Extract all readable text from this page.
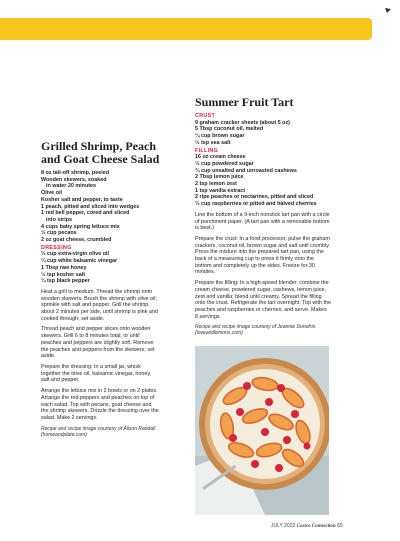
Grilled Shrimp, Peach and Goat Cheese Salad

8 oz tail-off shrimp, peeled

Wooden skewers, soaked

in water 20 minutes

Olive oil

Kosher salt and pepper, to taste

1 peach, pitted and sliced into wedges

1 red bell pepper, cored and sliced

into strips

4 cups baby spring lettuce mix

½ cup pecans

2 oz goat cheese, crumbled

DRESSING

⅓ cup extra-virgin olive oil

¼ cup white balsamic vinegar

1 Tbsp raw honey

½ tsp kosher salt

¼ tsp black pepper

Heat a grill to medium. Thread the shrimp onto wooden skewers. Brush the shrimp with olive oil; sprinkle with salt and pepper. Grill the shrimp, about 2 minutes per side, until shrimp is pink and cooked through; set aside.

Thread peach and pepper slices onto wooden skewers. Grill 6 to 8 minutes total, or until peaches and peppers are slightly soft. Remove the peaches and peppers from the skewers; set aside.

Prepare the dressing: In a small jar, whisk together the olive oil, balsamic vinegar, honey, salt and pepper.

Arrange the lettuce mix in 2 bowls or on 2 plates. Arrange the red peppers and peaches on top of each salad. Top with pecans, goat cheese and the shrimp skewers. Drizzle the dressing over the salad. Make 2 servings.

Recipe and recipe image courtesy of Alison Randall (homeandplate.com)

Summer Fruit Tart

CRUST

9 graham cracker sheets (about 5 oz)

5 Tbsp coconut oil, melted

¼ cup brown sugar

½ tsp sea salt

FILLING

16 oz cream cheese

½ cup powdered sugar

¾ cup unsalted and unroasted cashews

2 Tbsp lemon juice

2 tsp lemon zest

1 tsp vanilla extract

2 ripe peaches or nectarines, pitted and sliced

⅓ cup raspberries or pitted and halved cherries

Line the bottom of a 9-inch nonstick tart pan with a circle of parchment paper. (A tart pan with a removable bottom is best.)

Prepare the crust: In a food processor, pulse the graham crackers, coconut oil, brown sugar and salt until crumbly. Press the mixture into the prepared tart pan, using the back of a measuring cup to press it firmly onto the bottom and completely up the sides. Freeze for 30 minutes.

Prepare the filling: In a high-speed blender, combine the cream cheese, powdered sugar, cashews, lemon juice, zest and vanilla; blend until creamy. Spread the filling onto the crust. Refrigerate the tart overnight. Top with the peaches and raspberries or cherries, and serve. Makes 8 servings.

Recipe and recipe image courtesy of Jeannie Donofrio (loveandlemons.com)

JULY 2022 Costco Connection 65
